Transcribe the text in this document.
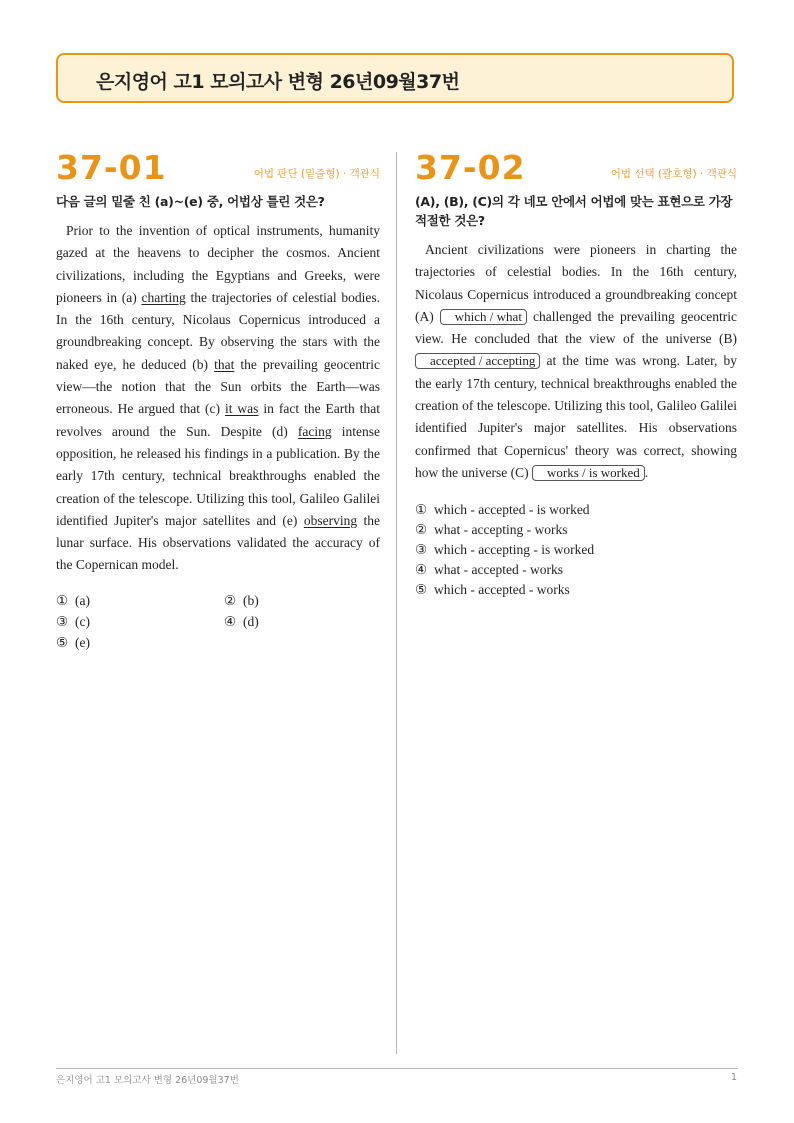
은지영어 고1 모의고사 변형 26년09월37번
37-01	어법 판단 (밑줄형) · 객관식
다음 글의 밑줄 친 (a)~(e) 중, 어법상 틀린 것은?
Prior to the invention of optical instruments, humanity gazed at the heavens to decipher the cosmos. Ancient civilizations, including the Egyptians and Greeks, were pioneers in (a) charting the trajectories of celestial bodies. In the 16th century, Nicolaus Copernicus introduced a groundbreaking concept. By observing the stars with the naked eye, he deduced (b) that the prevailing geocentric view—the notion that the Sun orbits the Earth—was erroneous. He argued that (c) it was in fact the Earth that revolves around the Sun. Despite (d) facing intense opposition, he released his findings in a publication. By the early 17th century, technical breakthroughs enabled the creation of the telescope. Utilizing this tool, Galileo Galilei identified Jupiter's major satellites and (e) observing the lunar surface. His observations validated the accuracy of the Copernican model.
① (a)	② (b)
③ (c)	④ (d)
⑤ (e)
37-02	어법 선택 (괄호형) · 객관식
(A), (B), (C)의 각 네모 안에서 어법에 맞는 표현으로 가장 적절한 것은?
Ancient civilizations were pioneers in charting the trajectories of celestial bodies. In the 16th century, Nicolaus Copernicus introduced a groundbreaking concept (A) which / what challenged the prevailing geocentric view. He concluded that the view of the universe (B) accepted / accepting at the time was wrong. Later, by the early 17th century, technical breakthroughs enabled the creation of the telescope. Utilizing this tool, Galileo Galilei identified Jupiter's major satellites. His observations confirmed that Copernicus' theory was correct, showing how the universe (C) works / is worked .
① which - accepted - is worked
② what - accepting - works
③ which - accepting - is worked
④ what - accepted - works
⑤ which - accepted - works
은지영어 고1 모의고사 변형 26년09월37번	1
